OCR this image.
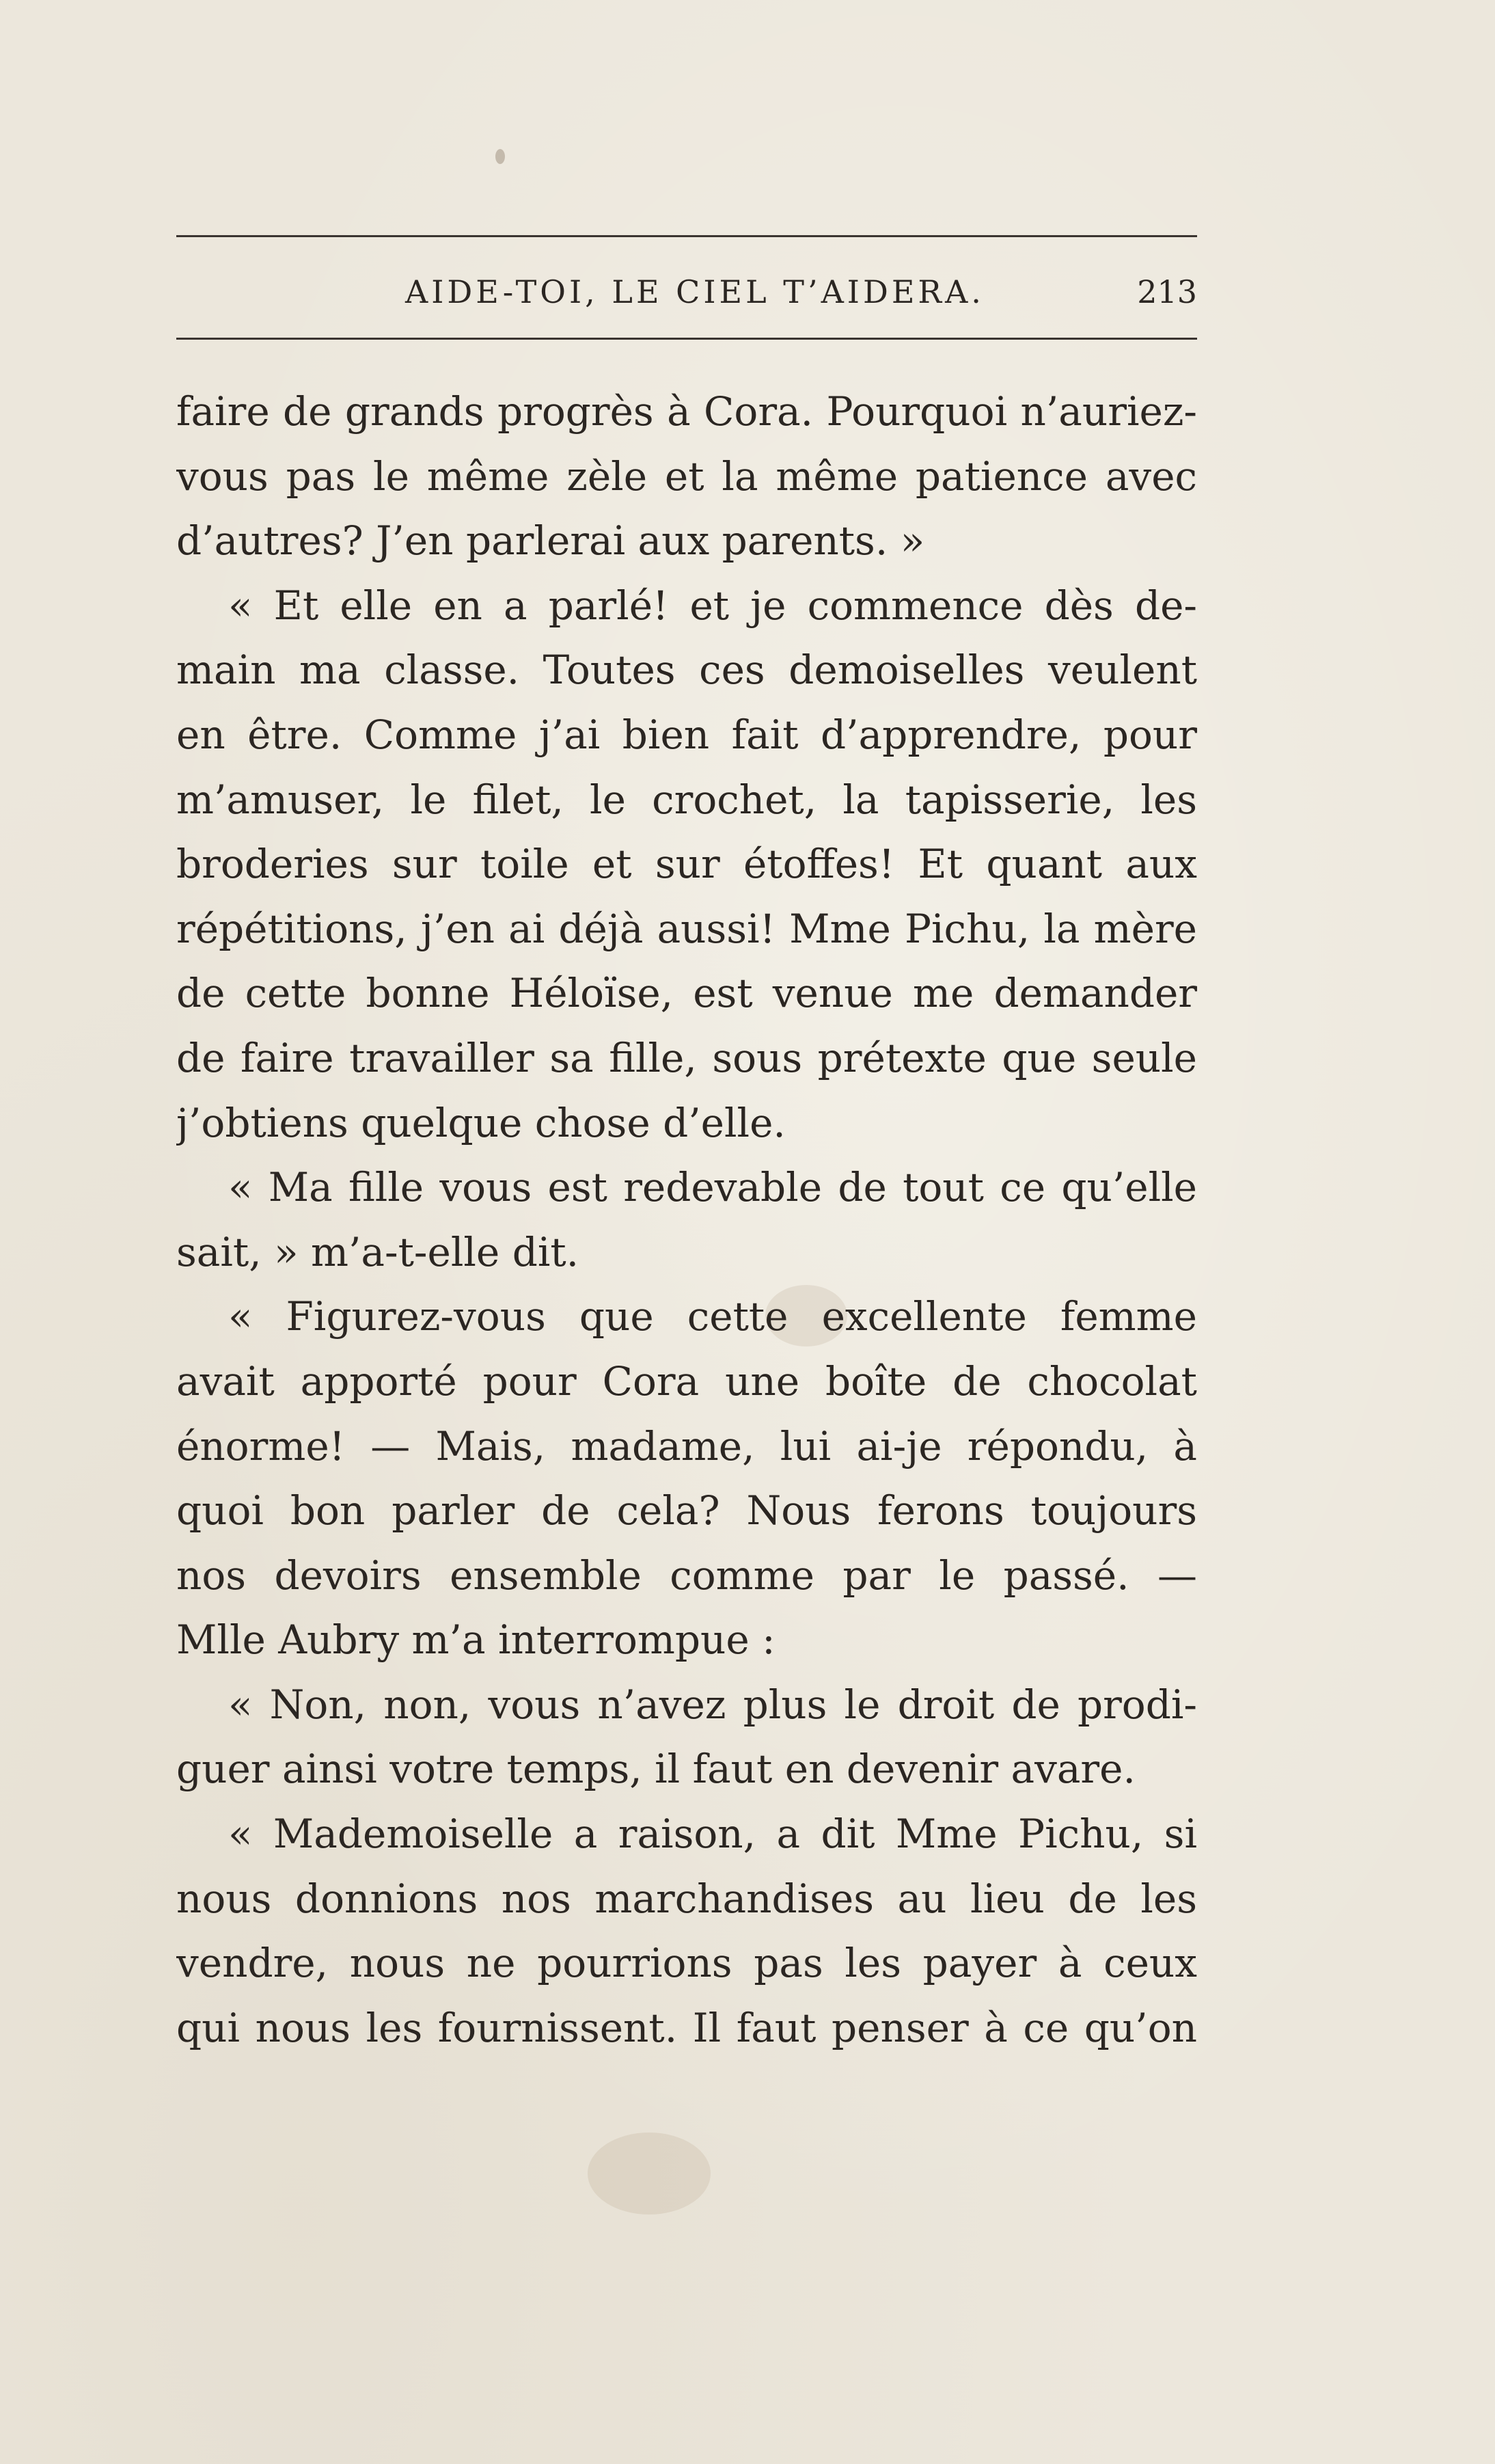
AIDE-TOI, LE CIEL T’AIDERA.	213
faire de grands progrès à Cora. Pourquoi n’auriez-
vous pas le même zèle et la même patience avec
d’autres? J’en parlerai aux parents. »
« Et elle en a parlé! et je commence dès de-
main ma classe. Toutes ces demoiselles veulent
en être. Comme j’ai bien fait d’apprendre, pour
m’amuser, le filet, le crochet, la tapisserie, les
broderies sur toile et sur étoffes! Et quant aux
répétitions, j’en ai déjà aussi! Mme Pichu, la mère
de cette bonne Héloïse, est venue me demander
de faire travailler sa fille, sous prétexte que seule
j’obtiens quelque chose d’elle.
« Ma fille vous est redevable de tout ce qu’elle
sait, » m’a-t-elle dit.
« Figurez-vous que cette excellente femme
avait apporté pour Cora une boîte de chocolat
énorme! — Mais, madame, lui ai-je répondu, à
quoi bon parler de cela? Nous ferons toujours
nos devoirs ensemble comme par le passé. —
Mlle Aubry m’a interrompue :
« Non, non, vous n’avez plus le droit de prodi-
guer ainsi votre temps, il faut en devenir avare.
« Mademoiselle a raison, a dit Mme Pichu, si
nous donnions nos marchandises au lieu de les
vendre, nous ne pourrions pas les payer à ceux
qui nous les fournissent. Il faut penser à ce qu’on
